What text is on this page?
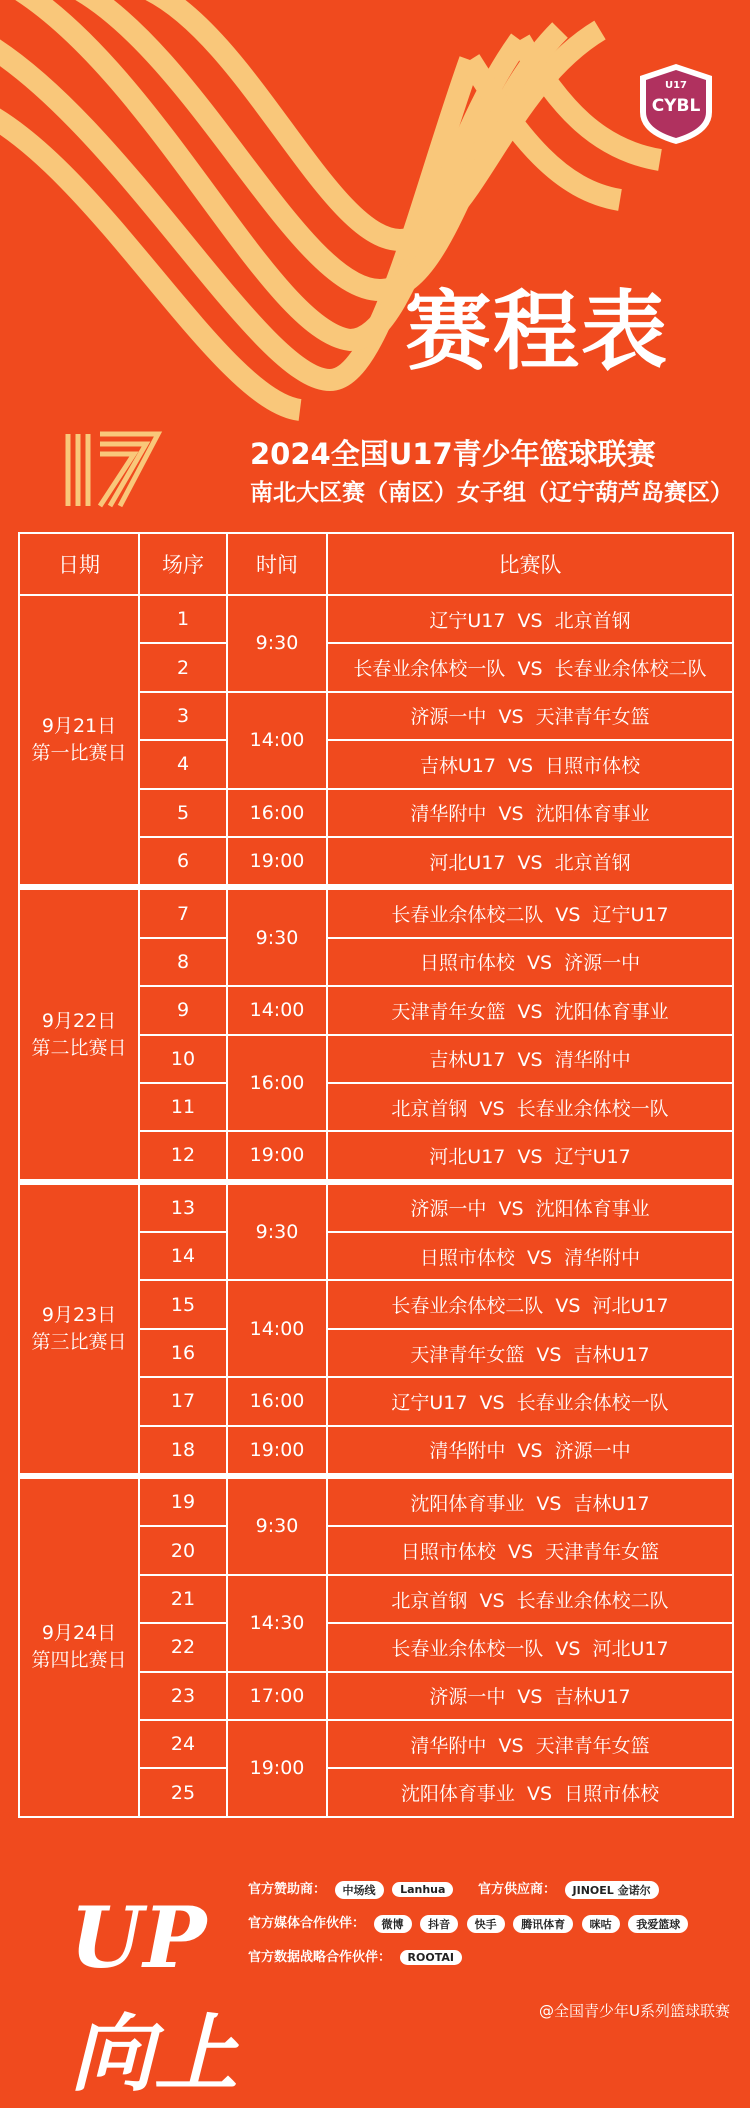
U17
CYBL
赛程表
2024全国U17青少年篮球联赛
南北大区赛（南区）女子组（辽宁葫芦岛赛区）
日期	场序	时间	比赛队

9月21日
第一比赛日	1	9:30	辽宁U17  VS  北京首钢
	2		长春业余体校一队  VS  长春业余体校二队
	3	14:00	济源一中  VS  天津青年女篮
	4		吉林U17  VS  日照市体校
	5	16:00	清华附中  VS  沈阳体育事业
	6	19:00	河北U17  VS  北京首钢

9月22日
第二比赛日	7	9:30	长春业余体校二队  VS  辽宁U17
	8		日照市体校  VS  济源一中
	9	14:00	天津青年女篮  VS  沈阳体育事业
	10	16:00	吉林U17  VS  清华附中
	11		北京首钢  VS  长春业余体校一队
	12	19:00	河北U17  VS  辽宁U17

9月23日
第三比赛日	13	9:30	济源一中  VS  沈阳体育事业
	14		日照市体校  VS  清华附中
	15	14:00	长春业余体校二队  VS  河北U17
	16		天津青年女篮  VS  吉林U17
	17	16:00	辽宁U17  VS  长春业余体校一队
	18	19:00	清华附中  VS  济源一中

9月24日
第四比赛日	19	9:30	沈阳体育事业  VS  吉林U17
	20		日照市体校  VS  天津青年女篮
	21	14:30	北京首钢  VS  长春业余体校二队
	22		长春业余体校一队  VS  河北U17
	23	17:00	济源一中  VS  吉林U17
	24	19:00	清华附中  VS  天津青年女篮
	25		沈阳体育事业  VS  日照市体校
UP向上
官方赞助商： 中场线 Lanhua	官方供应商： JINOEL 金诺尔
官方媒体合作伙伴： 微博 抖音 快手 腾讯体育 咪咕 我爱篮球
官方数据战略合作伙伴： ROOTAI
@全国青少年U系列篮球联赛
